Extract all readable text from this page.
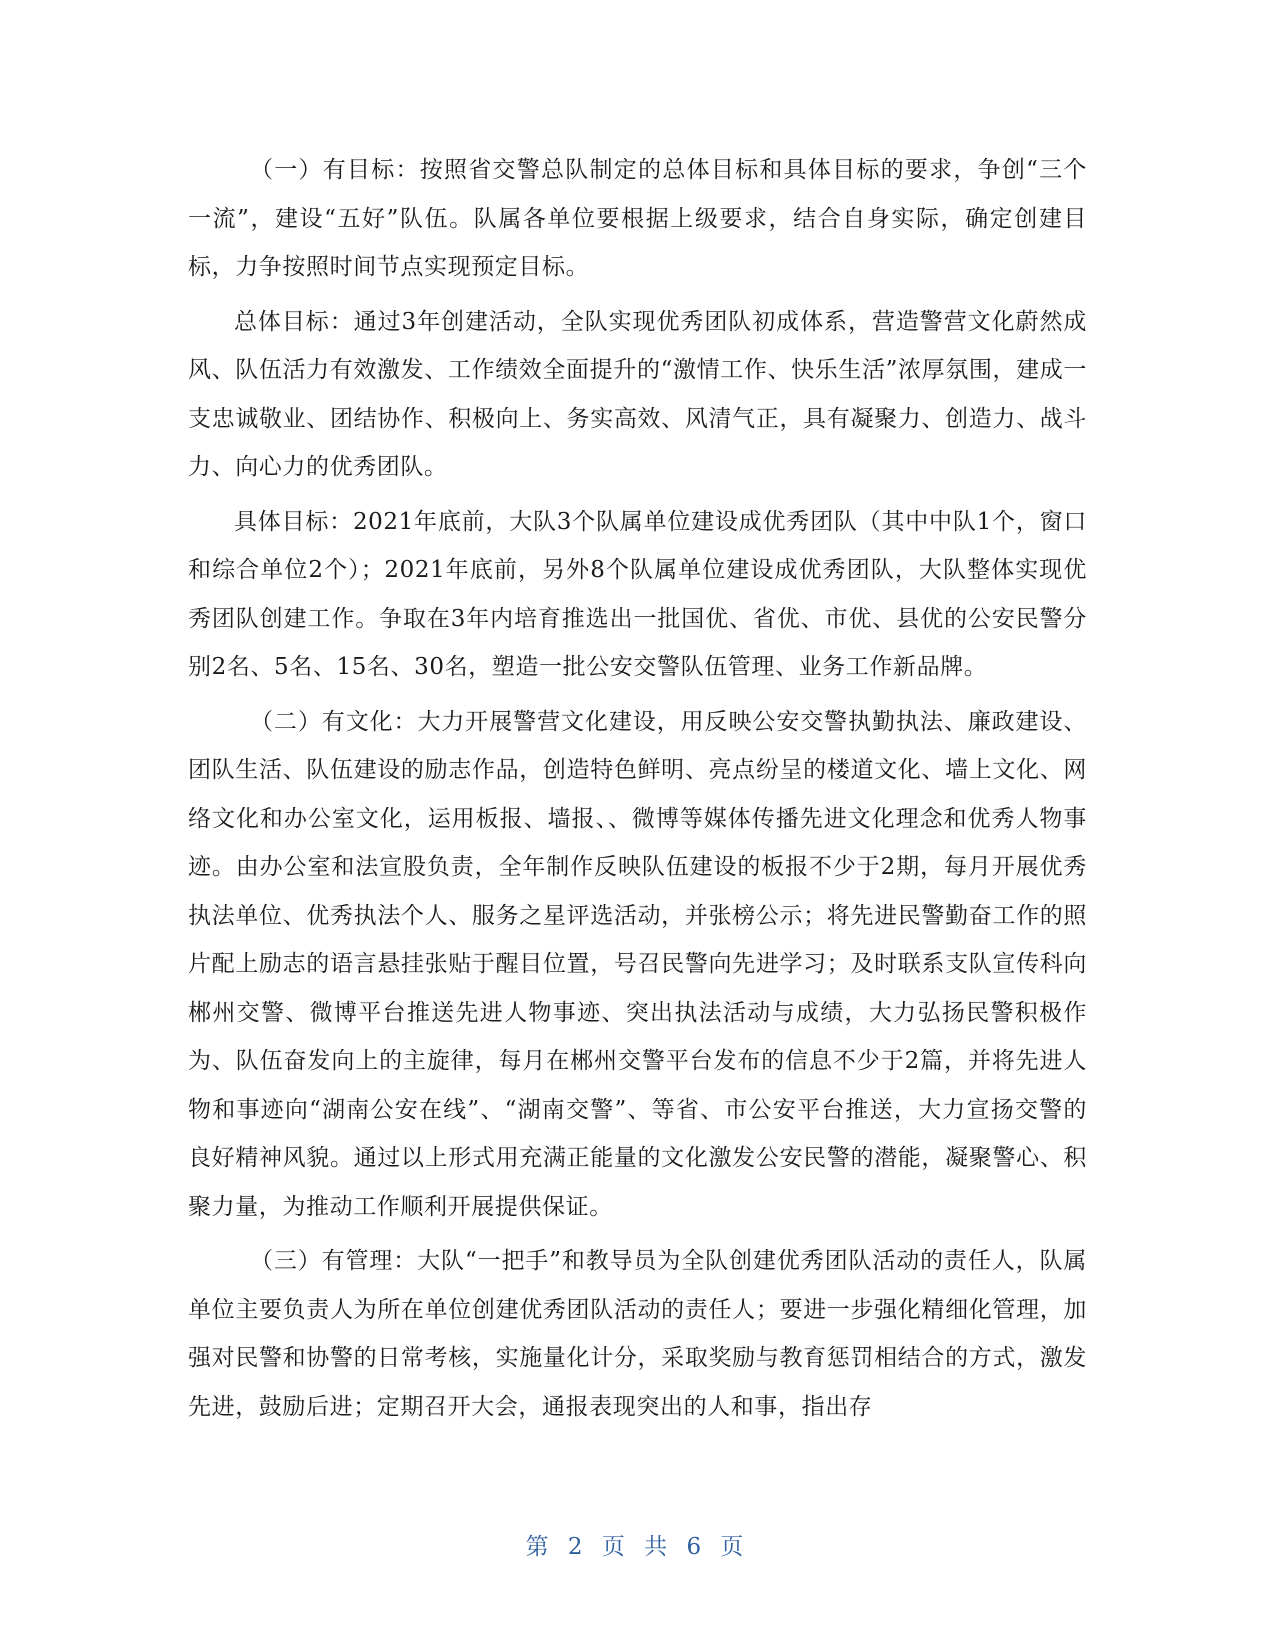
（一）有目标：按照省交警总队制定的总体目标和具体目标的要求，争创“三个一流”，建设“五好”队伍。队属各单位要根据上级要求，结合自身实际，确定创建目标，力争按照时间节点实现预定目标。

总体目标：通过3年创建活动，全队实现优秀团队初成体系，营造警营文化蔚然成风、队伍活力有效激发、工作绩效全面提升的“激情工作、快乐生活”浓厚氛围，建成一支忠诚敬业、团结协作、积极向上、务实高效、风清气正，具有凝聚力、创造力、战斗力、向心力的优秀团队。

具体目标：2021年底前，大队3个队属单位建设成优秀团队（其中中队1个，窗口和综合单位2个）；2021年底前，另外8个队属单位建设成优秀团队，大队整体实现优秀团队创建工作。争取在3年内培育推选出一批国优、省优、市优、县优的公安民警分别2名、5名、15名、30名，塑造一批公安交警队伍管理、业务工作新品牌。

（二）有文化：大力开展警营文化建设，用反映公安交警执勤执法、廉政建设、团队生活、队伍建设的励志作品，创造特色鲜明、亮点纷呈的楼道文化、墙上文化、网络文化和办公室文化，运用板报、墙报、、微博等媒体传播先进文化理念和优秀人物事迹。由办公室和法宣股负责，全年制作反映队伍建设的板报不少于2期，每月开展优秀执法单位、优秀执法个人、服务之星评选活动，并张榜公示；将先进民警勤奋工作的照片配上励志的语言悬挂张贴于醒目位置，号召民警向先进学习；及时联系支队宣传科向郴州交警、微博平台推送先进人物事迹、突出执法活动与成绩，大力弘扬民警积极作为、队伍奋发向上的主旋律，每月在郴州交警平台发布的信息不少于2篇，并将先进人物和事迹向“湖南公安在线”、“湖南交警”、等省、市公安平台推送，大力宣扬交警的良好精神风貌。通过以上形式用充满正能量的文化激发公安民警的潜能，凝聚警心、积聚力量，为推动工作顺利开展提供保证。

（三）有管理：大队“一把手”和教导员为全队创建优秀团队活动的责任人，队属单位主要负责人为所在单位创建优秀团队活动的责任人；要进一步强化精细化管理，加强对民警和协警的日常考核，实施量化计分，采取奖励与教育惩罚相结合的方式，激发先进，鼓励后进；定期召开大会，通报表现突出的人和事，指出存

第 2 页 共 6 页
